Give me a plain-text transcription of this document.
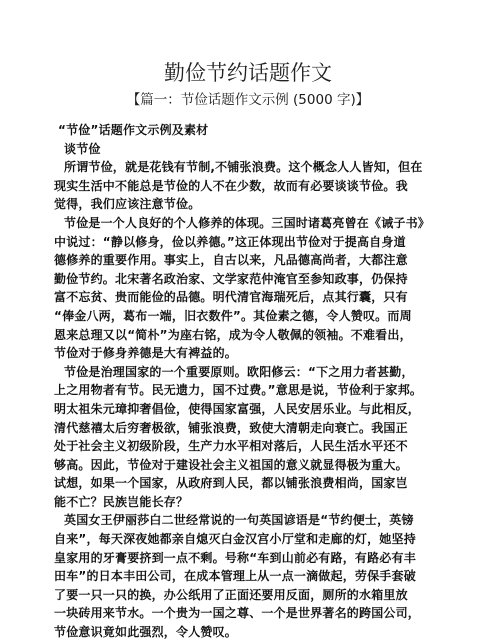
勤俭节约话题作文
【篇一：节俭话题作文示例 (5000 字)】
“节俭”话题作文示例及素材
谈节俭
所谓节俭，就是花钱有节制,不铺张浪费。这个概念人人皆知，但在
现实生活中不能总是节俭的人不在少数，故而有必要谈谈节俭。我
觉得，我们应该注意节俭。
节俭是一个人良好的个人修养的体现。三国时诸葛亮曾在《诫子书》
中说过：“静以修身，俭以养德。”这正体现出节俭对于提高自身道
德修养的重要作用。事实上，自古以来，凡品德高尚者，大都注意
勤俭节约。北宋著名政治家、文学家范仲淹官至参知政事，仍保持
富不忘贫、贵而能俭的品德。明代清官海瑞死后，点其行囊，只有
“俸金八两，葛布一端，旧衣数件”。其俭素之德，令人赞叹。而周
恩来总理又以“简朴”为座右铭，成为令人敬佩的领袖。不难看出，
节俭对于修身养德是大有裨益的。
节俭是治理国家的一个重要原则。欧阳修云：“下之用力者甚勤，
上之用物者有节。民无遗力，国不过费。”意思是说，节俭利于家邦。
明太祖朱元璋抑奢倡俭，使得国家富强，人民安居乐业。与此相反，
清代慈禧太后穷奢极欲，铺张浪费，致使大清朝走向衰亡。我国正
处于社会主义初级阶段，生产力水平相对落后，人民生活水平还不
够高。因此，节俭对于建设社会主义祖国的意义就显得极为重大。
试想，如果一个国家，从政府到人民，都以铺张浪费相尚，国家岂
能不亡？民族岂能长存？
英国女王伊丽莎白二世经常说的一句英国谚语是“节约便士，英镑
自来”，每天深夜她都亲自熄灭白金汉宫小厅堂和走廊的灯，她坚持
皇家用的牙膏要挤到一点不剩。号称“车到山前必有路，有路必有丰
田车”的日本丰田公司，在成本管理上从一点一滴做起，劳保手套破
了要一只一只的换，办公纸用了正面还要用反面，厕所的水箱里放
一块砖用来节水。一个贵为一国之尊、一个是世界著名的跨国公司，
节俭意识竟如此强烈，令人赞叹。
